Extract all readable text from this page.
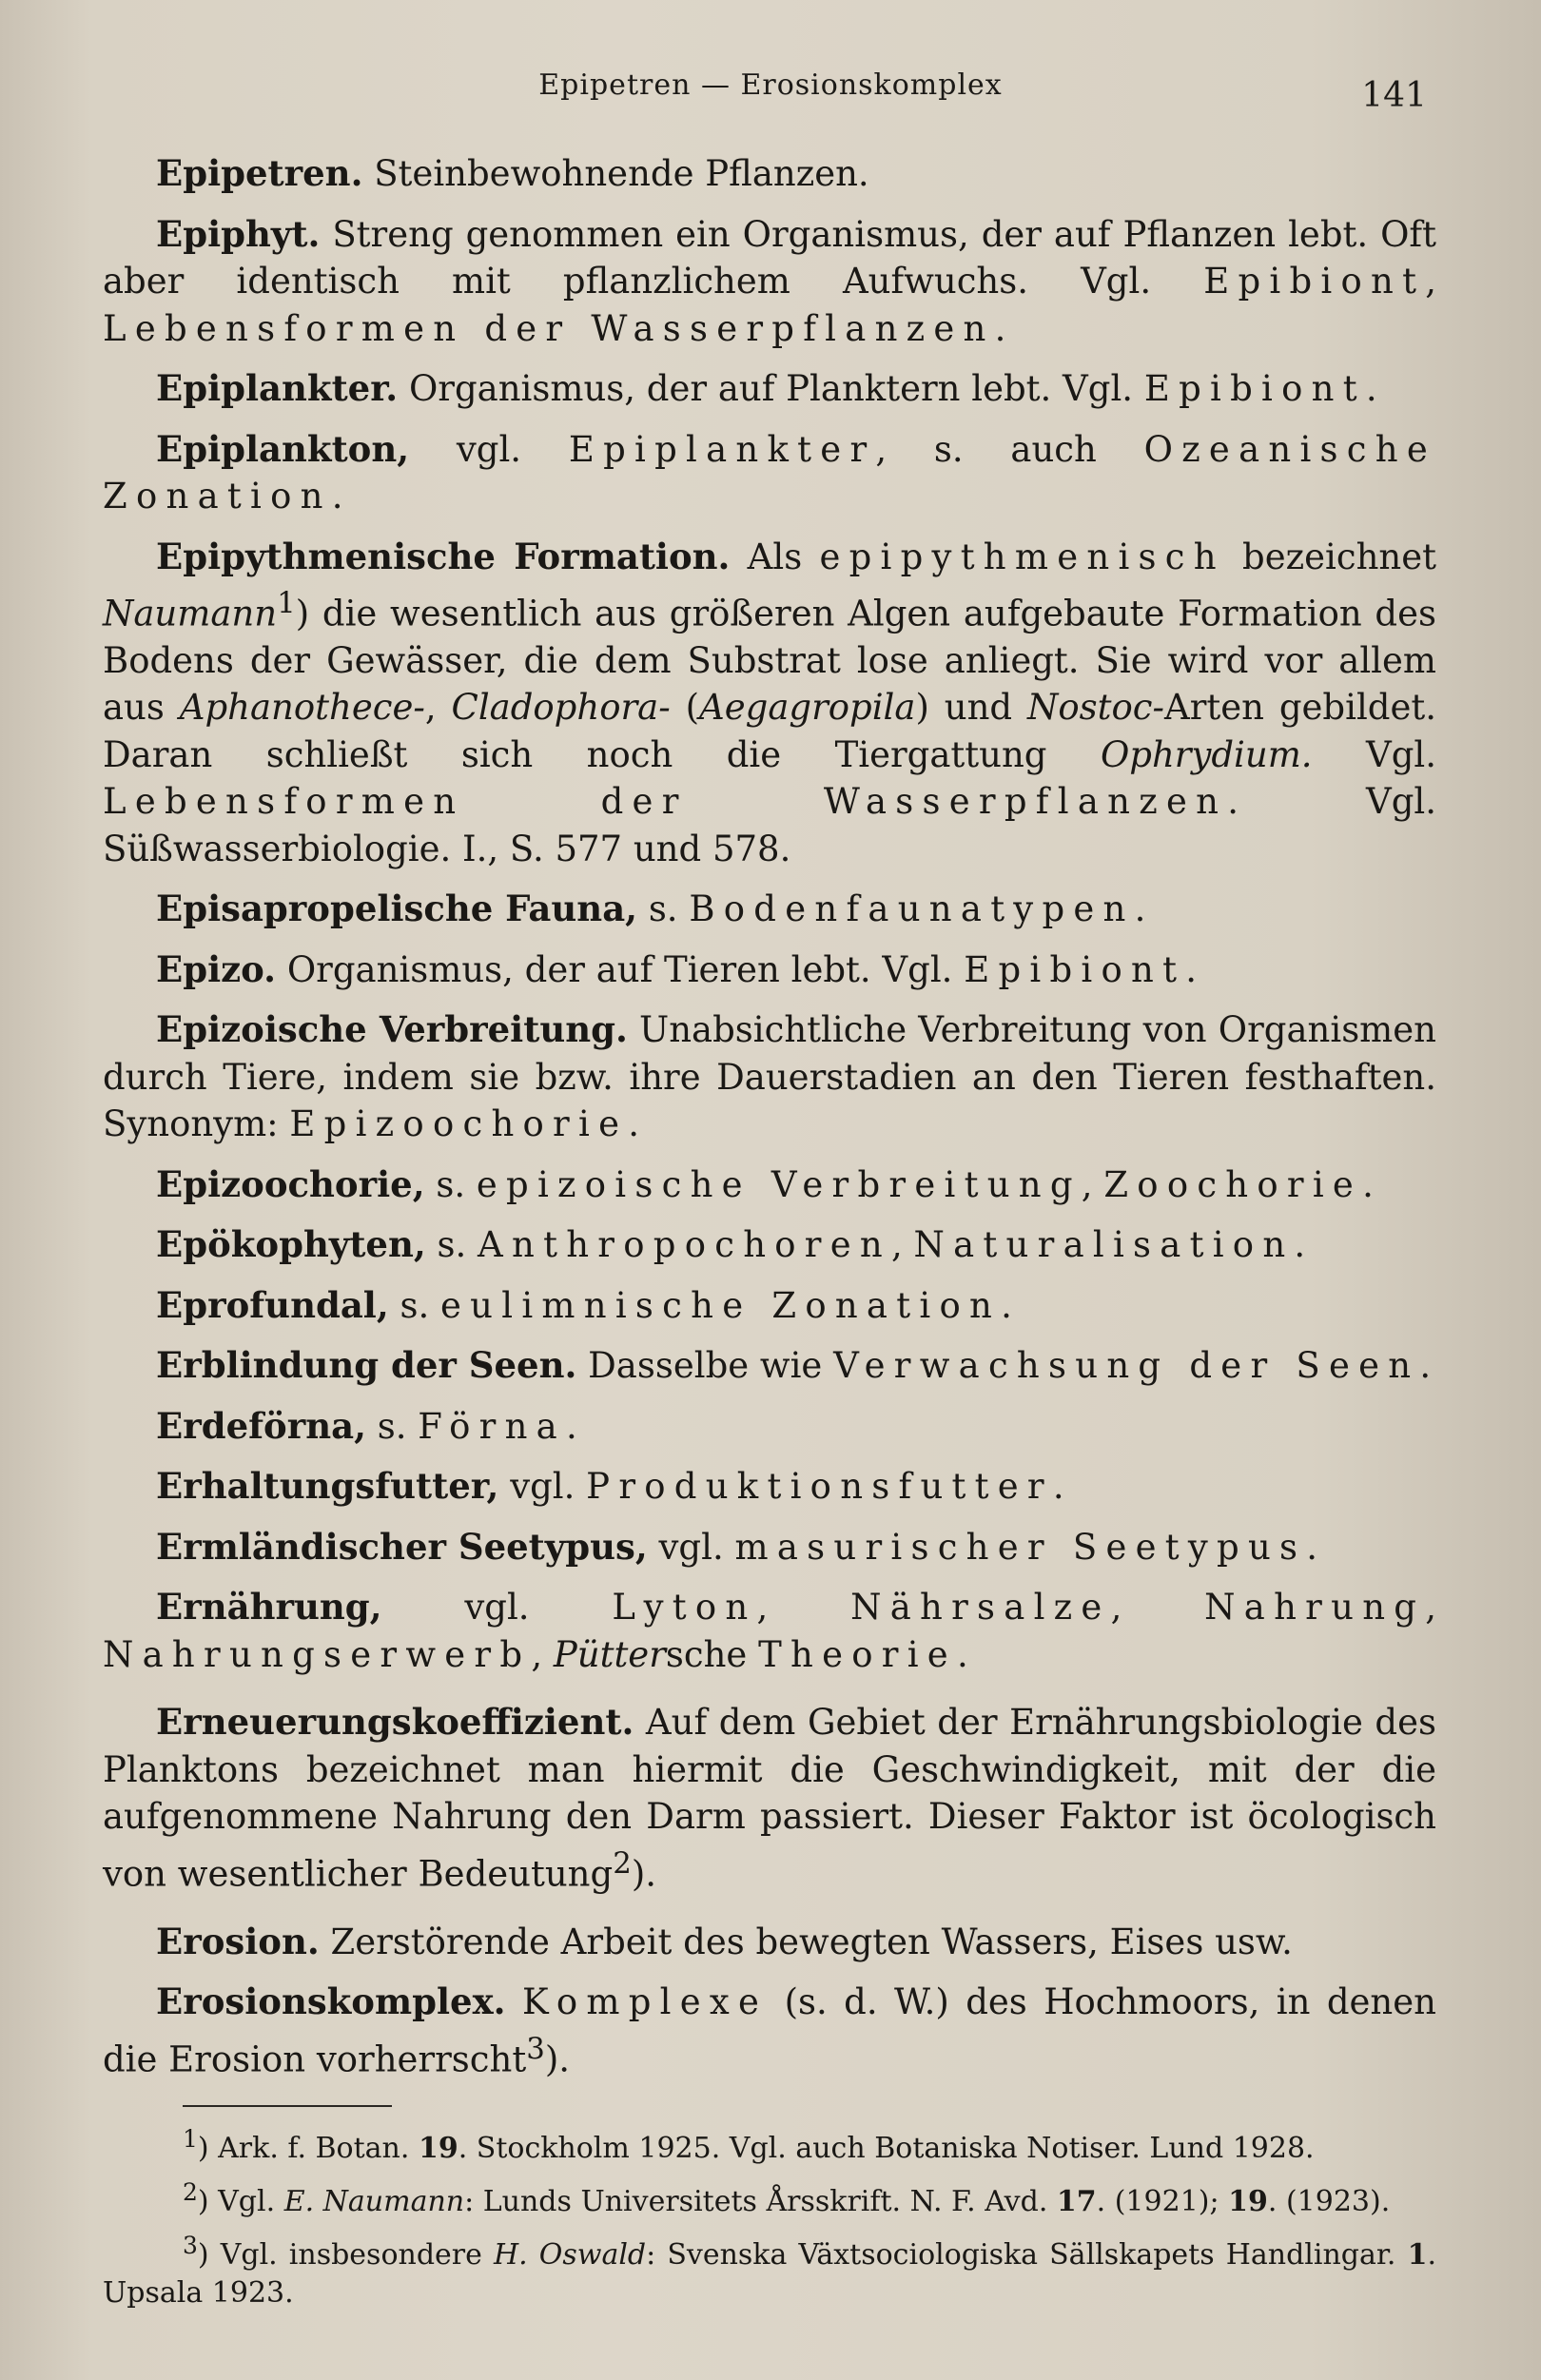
Epipetren — Erosionskomplex	141

Epipetren. Steinbewohnende Pflanzen.

Epiphyt. Streng genommen ein Organismus, der auf Pflanzen lebt. Oft aber identisch mit pflanzlichem Aufwuchs. Vgl. Epibiont, Lebensformen der Wasserpflanzen.

Epiplankter. Organismus, der auf Planktern lebt. Vgl. Epibiont.

Epiplankton, vgl. Epiplankter, s. auch Ozeanische Zonation.

Epipythmenische Formation. Als epipythmenisch bezeichnet Naumann$^1$) die wesentlich aus größeren Algen aufgebaute Formation des Bodens der Gewässer, die dem Substrat lose anliegt. Sie wird vor allem aus Aphanothece-, Cladophora- (Aegagropila) und Nostoc-Arten gebildet. Daran schließt sich noch die Tiergattung Ophrydium. Vgl. Lebensformen der Wasserpflanzen. Vgl. Süßwasserbiologie. I., S. 577 und 578.

Episapropelische Fauna, s. Bodenfaunatypen.

Epizo. Organismus, der auf Tieren lebt. Vgl. Epibiont.

Epizoische Verbreitung. Unabsichtliche Verbreitung von Organismen durch Tiere, indem sie bzw. ihre Dauerstadien an den Tieren festhaften. Synonym: Epizoochorie.

Epizoochorie, s. epizoische Verbreitung, Zoochorie.

Epökophyten, s. Anthropochoren, Naturalisation.

Eprofundal, s. eulimnische Zonation.

Erblindung der Seen. Dasselbe wie Verwachsung der Seen.

Erdeförna, s. Förna.

Erhaltungsfutter, vgl. Produktionsfutter.

Ermländischer Seetypus, vgl. masurischer Seetypus.

Ernährung, vgl. Lyton, Nährsalze, Nahrung, Nahrungserwerb, Püttersche Theorie.

Erneuerungskoeffizient. Auf dem Gebiet der Ernährungsbiologie des Planktons bezeichnet man hiermit die Geschwindigkeit, mit der die aufgenommene Nahrung den Darm passiert. Dieser Faktor ist öcologisch von wesentlicher Bedeutung$^2$).

Erosion. Zerstörende Arbeit des bewegten Wassers, Eises usw.

Erosionskomplex. Komplexe (s. d. W.) des Hochmoors, in denen die Erosion vorherrscht$^3$).

$^1$) Ark. f. Botan. 19. Stockholm 1925. Vgl. auch Botaniska Notiser. Lund 1928.

$^2$) Vgl. E. Naumann: Lunds Universitets Årsskrift. N. F. Avd. 17. (1921); 19. (1923).

$^3$) Vgl. insbesondere H. Oswald: Svenska Växtsociologiska Sällskapets Handlingar. 1. Upsala 1923.
